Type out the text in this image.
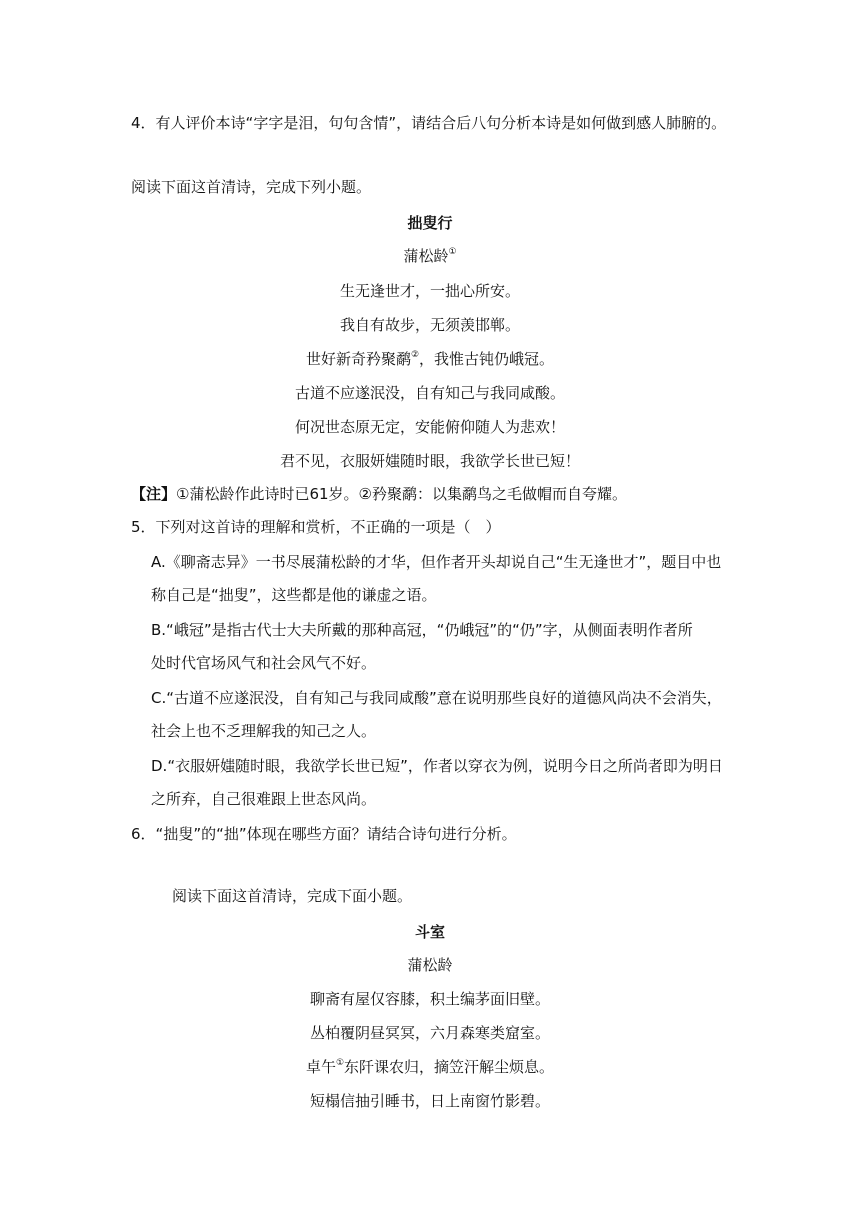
4．有人评价本诗“字字是泪，句句含情”，请结合后八句分析本诗是如何做到感人肺腑的。
阅读下面这首清诗，完成下列小题。
拙叟行
蒲松龄①
生无逢世才，一拙心所安。
我自有故步，无须羡邯郸。
世好新奇矜聚鹬②，我惟古钝仍峨冠。
古道不应遂泯没，自有知己与我同咸酸。
何况世态原无定，安能俯仰随人为悲欢！
君不见，衣服妍媸随时眼，我欲学长世已短！
【注】①蒲松龄作此诗时已61岁。②矜聚鹬：以集鹬鸟之毛做帽而自夸耀。
5．下列对这首诗的理解和赏析，不正确的一项是（　）
A.《聊斋志异》一书尽展蒲松龄的才华，但作者开头却说自己“生无逢世才”，题目中也
称自己是“拙叟”，这些都是他的谦虚之语。
B.“峨冠”是指古代士大夫所戴的那种高冠，“仍峨冠”的“仍”字，从侧面表明作者所
处时代官场风气和社会风气不好。
C.“古道不应遂泯没，自有知己与我同咸酸”意在说明那些良好的道德风尚决不会消失，
社会上也不乏理解我的知己之人。
D.“衣服妍媸随时眼，我欲学长世已短”，作者以穿衣为例，说明今日之所尚者即为明日
之所弃，自己很难跟上世态风尚。
6．“拙叟”的“拙”体现在哪些方面？请结合诗句进行分析。
阅读下面这首清诗，完成下面小题。
斗室
蒲松龄
聊斋有屋仅容膝，积土编茅面旧壁。
丛柏覆阴昼冥冥，六月森寒类窟室。
卓午①东阡课农归，摘笠汗解尘烦息。
短榻信抽引睡书，日上南窗竹影碧。
